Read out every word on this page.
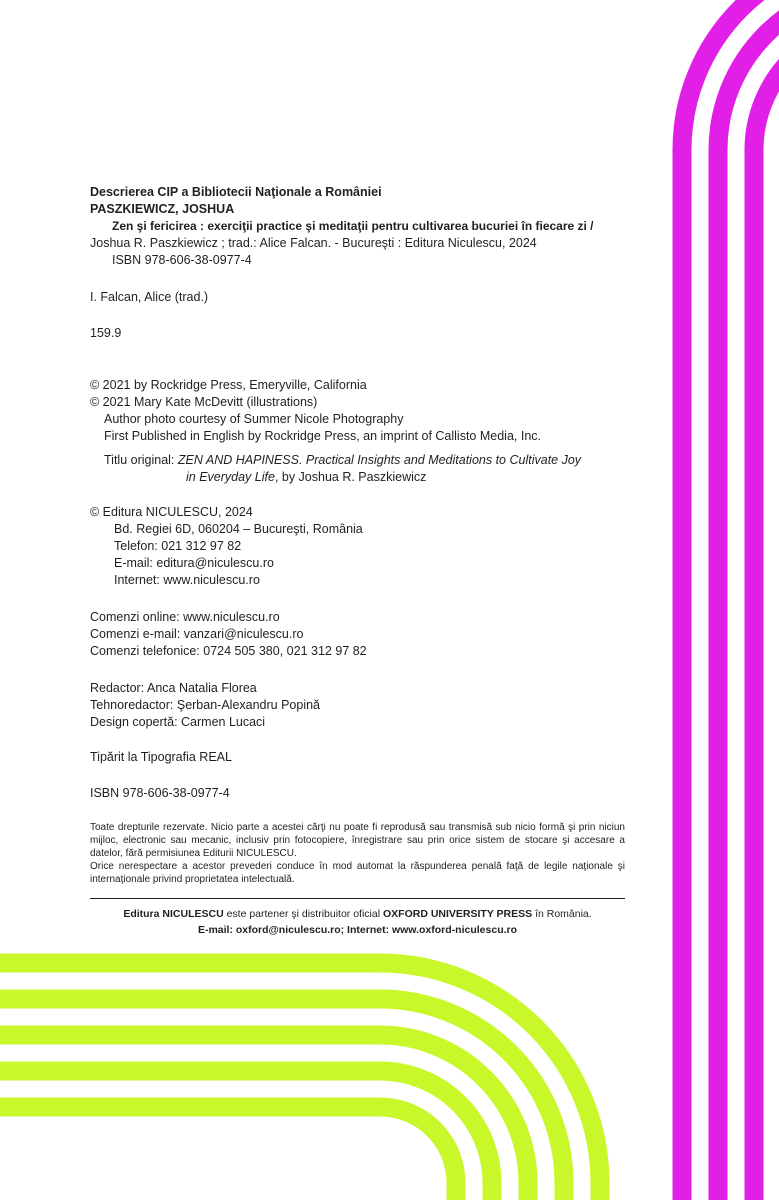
Descrierea CIP a Bibliotecii Naţionale a României
PASZKIEWICZ, JOSHUA
Zen şi fericirea : exerciţii practice şi meditaţii pentru cultivarea bucuriei în fiecare zi /
Joshua R. Paszkiewicz ; trad.: Alice Falcan. - Bucureşti : Editura Niculescu, 2024
ISBN 978-606-38-0977-4
I. Falcan, Alice (trad.)
159.9
© 2021 by Rockridge Press, Emeryville, California
© 2021 Mary Kate McDevitt (illustrations)
Author photo courtesy of Summer Nicole Photography
First Published in English by Rockridge Press, an imprint of Callisto Media, Inc.
Titlu original: ZEN AND HAPINESS. Practical Insights and Meditations to Cultivate Joy
in Everyday Life, by Joshua R. Paszkiewicz
© Editura NICULESCU, 2024
Bd. Regiei 6D, 060204 – Bucureşti, România
Telefon: 021 312 97 82
E-mail: editura@niculescu.ro
Internet: www.niculescu.ro
Comenzi online: www.niculescu.ro
Comenzi e-mail: vanzari@niculescu.ro
Comenzi telefonice: 0724 505 380, 021 312 97 82
Redactor: Anca Natalia Florea
Tehnoredactor: Şerban-Alexandru Popină
Design copertă: Carmen Lucaci
Tipărit la Tipografia REAL
ISBN 978-606-38-0977-4

Toate drepturile rezervate. Nicio parte a acestei cărţi nu poate fi reprodusă sau transmisă sub nicio formă şi prin niciun mijloc, electronic sau mecanic, inclusiv prin fotocopiere, înregistrare sau prin orice sistem de stocare şi accesare a datelor, fără permisiunea Editurii NICULESCU.

Orice nerespectare a acestor prevederi conduce în mod automat la răspunderea penală faţă de legile naţionale şi internaţionale privind proprietatea intelectuală.

Editura NICULESCU este partener şi distribuitor oficial OXFORD UNIVERSITY PRESS în România.
E-mail: oxford@niculescu.ro; Internet: www.oxford-niculescu.ro
